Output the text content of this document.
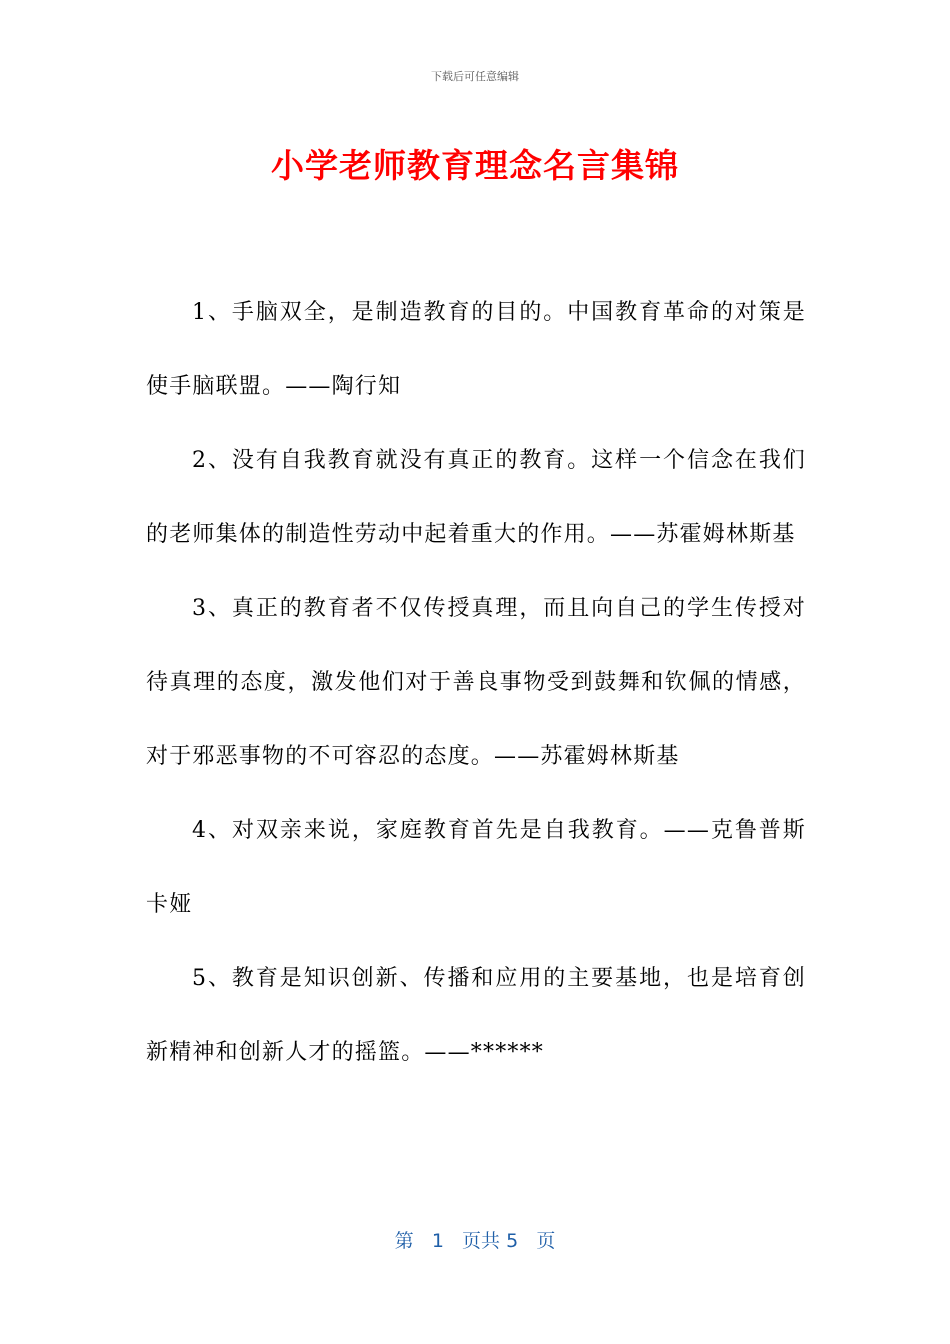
下载后可任意编辑
小学老师教育理念名言集锦

1、手脑双全，是制造教育的目的。中国教育革命的对策是使手脑联盟。——陶行知

2、没有自我教育就没有真正的教育。这样一个信念在我们的老师集体的制造性劳动中起着重大的作用。——苏霍姆林斯基

3、真正的教育者不仅传授真理，而且向自己的学生传授对待真理的态度，激发他们对于善良事物受到鼓舞和钦佩的情感，对于邪恶事物的不可容忍的态度。——苏霍姆林斯基

4、对双亲来说，家庭教育首先是自我教育。——克鲁普斯卡娅

5、教育是知识创新、传播和应用的主要基地，也是培育创新精神和创新人才的摇篮。——******

第 1 页共 5 页
